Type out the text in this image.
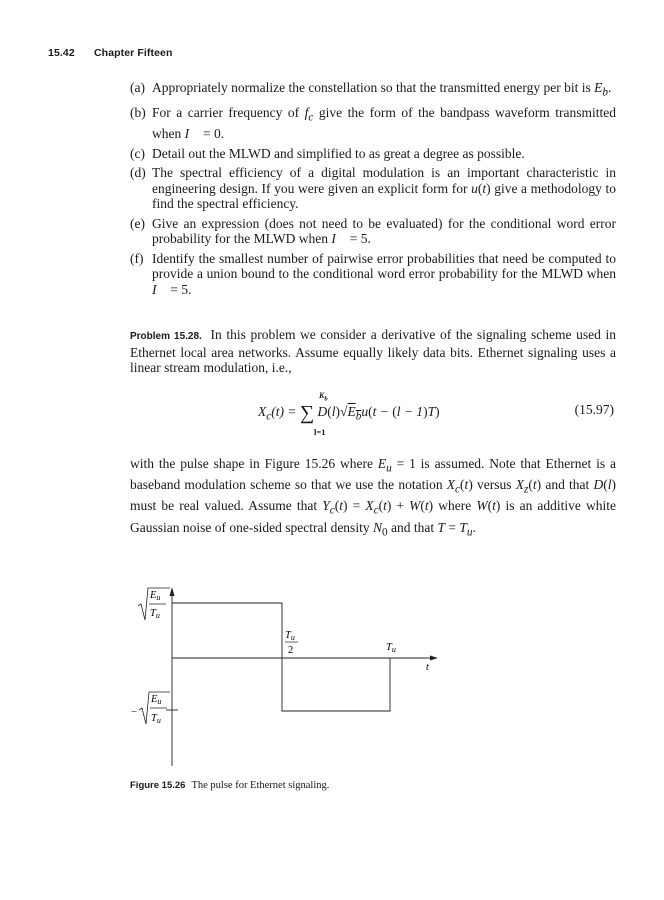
15.42 Chapter Fifteen
(a) Appropriately normalize the constellation so that the transmitted energy per bit is $E_b$.
(b) For a carrier frequency of $f_c$ give the form of the bandpass waveform transmitted when I⃗ = 0.
(c) Detail out the MLWD and simplified to as great a degree as possible.
(d) The spectral efficiency of a digital modulation is an important characteristic in engineering design. If you were given an explicit form for u(t) give a methodology to find the spectral efficiency.
(e) Give an expression (does not need to be evaluated) for the conditional word error probability for the MLWD when I⃗ = 5.
(f) Identify the smallest number of pairwise error probabilities that need be computed to provide a union bound to the conditional word error probability for the MLWD when I⃗ = 5.
Problem 15.28. In this problem we consider a derivative of the signaling scheme used in Ethernet local area networks. Assume equally likely data bits. Ethernet signaling uses a linear stream modulation, i.e.,
$K_b$
$X_c(t)$ = ∑ $D(l)√E_bu(t - (l - 1)T)$
l=1
(15.97)
with the pulse shape in Figure 15.26 where $E_u = 1$ is assumed. Note that Ethernet is a baseband modulation scheme so that we use the notation $X_c(t)$ versus $X_z(t)$ and that D(l) must be real valued. Assume that $Y_c(t) = X_c(t) + W(t)$ where W(t) is an additive white Gaussian noise of one-sided spectral density $N_0$ and that $T = T_u$.
Eu
Tu
−
Eu
Tu
Tu
2	Tu
t
Figure 15.26 The pulse for Ethernet signaling.
